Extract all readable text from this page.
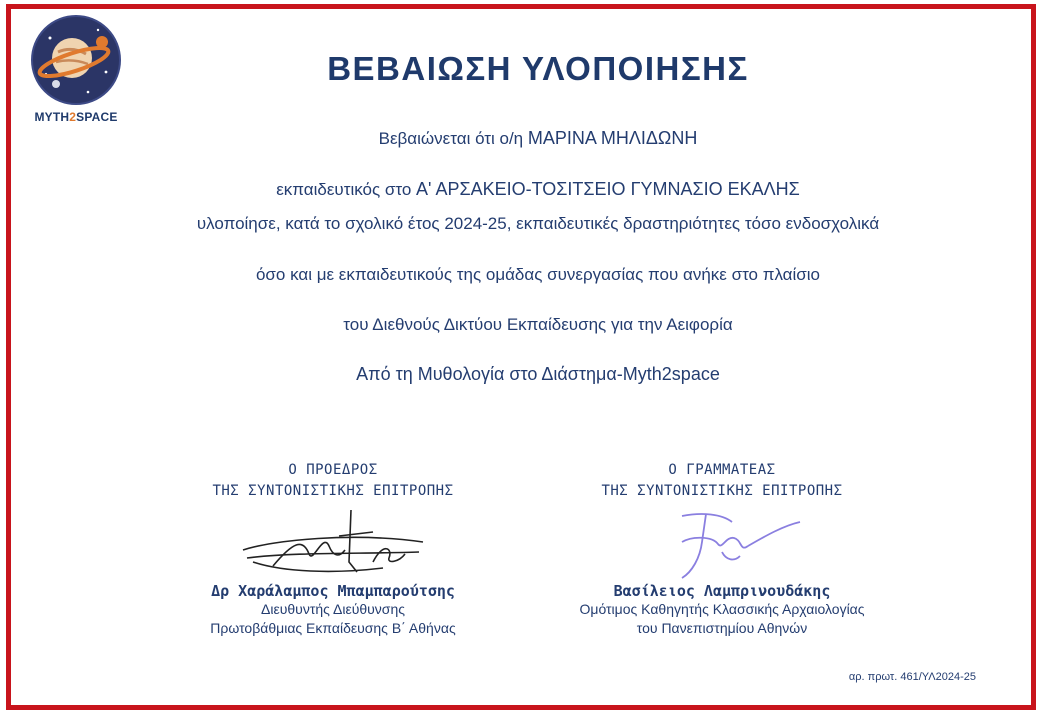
MYTH2SPACE
ΒΕΒΑΙΩΣΗ ΥΛΟΠΟΙΗΣΗΣ
Βεβαιώνεται ότι ο/η ΜΑΡΙΝΑ ΜΗΛΙΔΩΝΗ
εκπαιδευτικός στο Α' ΑΡΣΑΚΕΙΟ-ΤΟΣΙΤΣΕΙΟ ΓΥΜΝΑΣΙΟ ΕΚΑΛΗΣ
υλοποίησε, κατά το σχολικό έτος 2024-25, εκπαιδευτικές δραστηριότητες τόσο ενδοσχολικά
όσο και με εκπαιδευτικούς της ομάδας συνεργασίας που ανήκε στο πλαίσιο
του Διεθνούς Δικτύου Εκπαίδευσης για την Αειφορία
Από τη Μυθολογία στο Διάστημα-Myth2space
Ο ΠΡΟΕΔΡΟΣ
ΤΗΣ ΣΥΝΤΟΝΙΣΤΙΚΗΣ ΕΠΙΤΡΟΠΗΣ
Δρ Χαράλαμπος Μπαμπαρούτσης
Διευθυντής Διεύθυνσης
Πρωτοβάθμιας Εκπαίδευσης Β΄ Αθήνας
Ο ΓΡΑΜΜΑΤΕΑΣ
ΤΗΣ ΣΥΝΤΟΝΙΣΤΙΚΗΣ ΕΠΙΤΡΟΠΗΣ
Βασίλειος Λαμπρινουδάκης
Ομότιμος Καθηγητής Κλασσικής Αρχαιολογίας
του Πανεπιστημίου Αθηνών
αρ. πρωτ. 461/ΥΛ2024-25
